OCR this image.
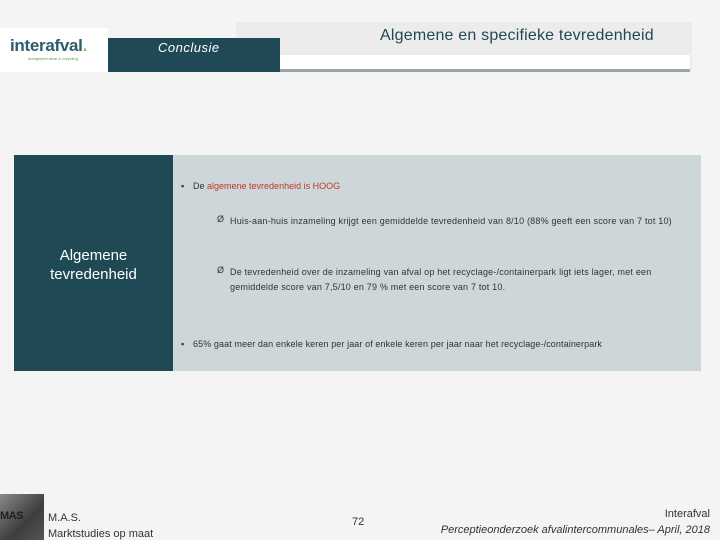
interafval.
doelgericht afval & recycling
Conclusie
Algemene en specifieke tevredenheid
Algemene
tevredenheid
▪ De algemene tevredenheid is HOOG
Ø Huis-aan-huis inzameling krijgt een gemiddelde tevredenheid van 8/10 (88% geeft een score van 7 tot 10)
Ø De tevredenheid over de inzameling van afval op het recyclage-/containerpark ligt iets lager, met een gemiddelde score van 7,5/10 en 79 % met een score van 7 tot 10.
▪ 65% gaat meer dan enkele keren per jaar of enkele keren per jaar naar het recyclage-/containerpark
MAS M.A.S.
Marktstudies op maat
72
Interafval
Perceptieonderzoek afvalintercommunales– April, 2018
